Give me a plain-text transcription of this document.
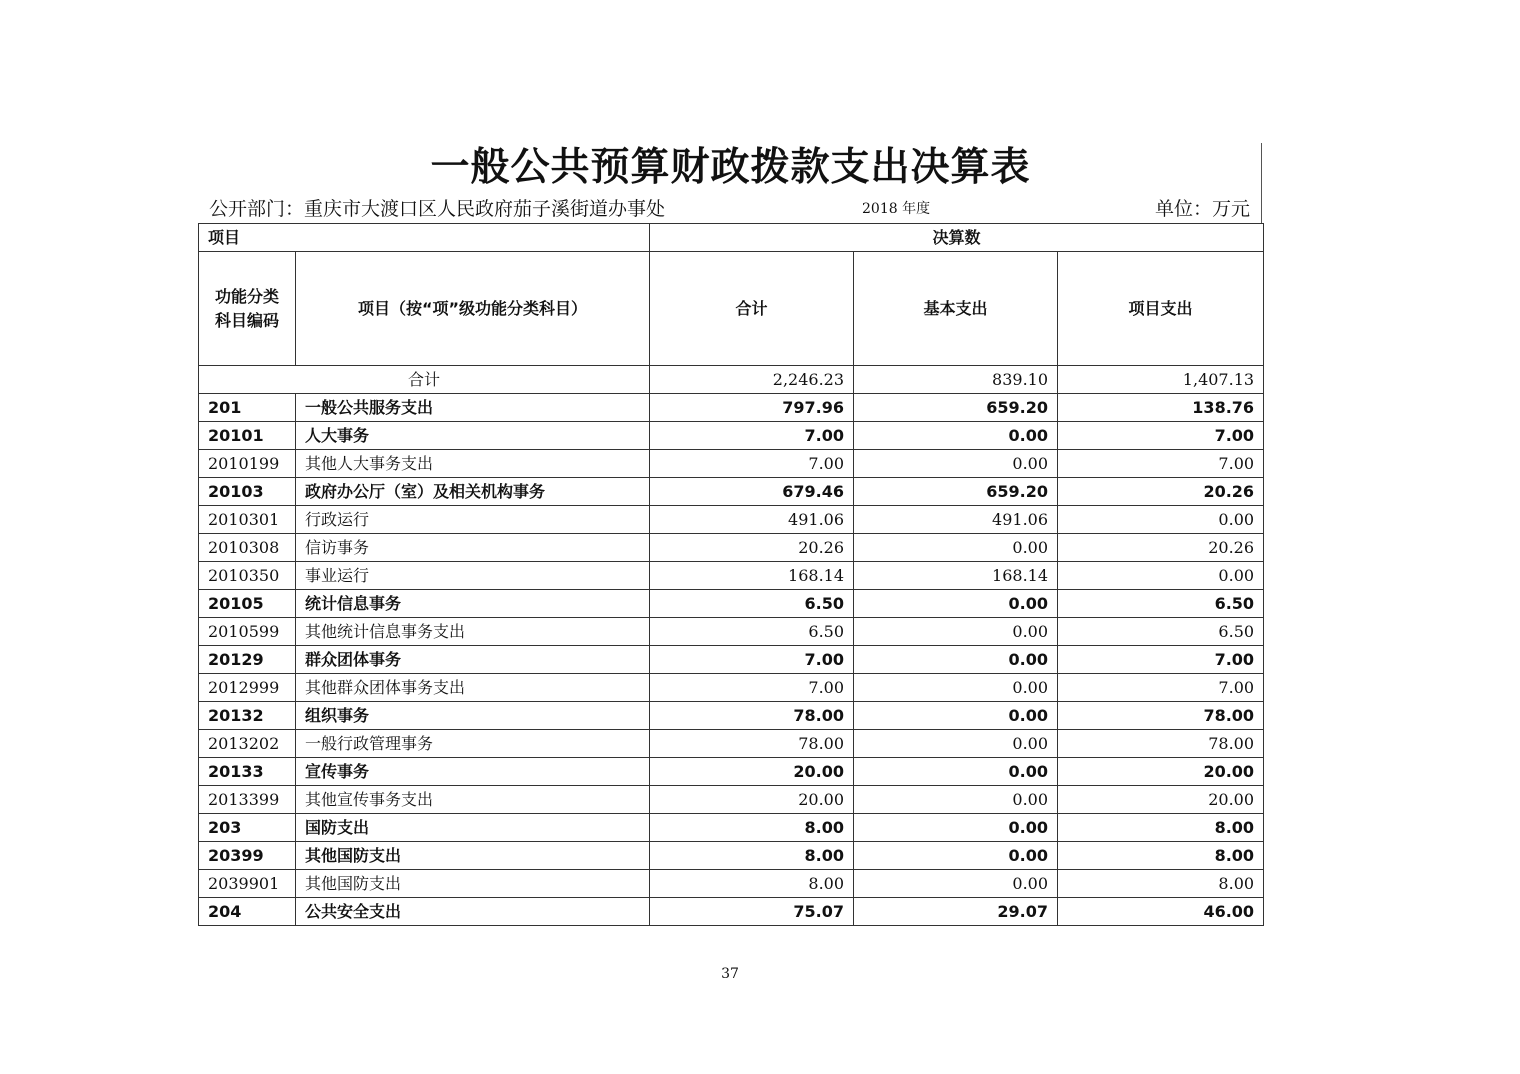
一般公共预算财政拨款支出决算表
公开部门：重庆市大渡口区人民政府茄子溪街道办事处	2018 年度	单位：万元
项目		决算数		
功能分类科目编码	项目（按“项”级功能分类科目）	合计	基本支出	项目支出
合计		2,246.23	839.10	1,407.13
201	一般公共服务支出	797.96	659.20	138.76
20101	人大事务	7.00	0.00	7.00
2010199	其他人大事务支出	7.00	0.00	7.00
20103	政府办公厅（室）及相关机构事务	679.46	659.20	20.26
2010301	行政运行	491.06	491.06	0.00
2010308	信访事务	20.26	0.00	20.26
2010350	事业运行	168.14	168.14	0.00
20105	统计信息事务	6.50	0.00	6.50
2010599	其他统计信息事务支出	6.50	0.00	6.50
20129	群众团体事务	7.00	0.00	7.00
2012999	其他群众团体事务支出	7.00	0.00	7.00
20132	组织事务	78.00	0.00	78.00
2013202	一般行政管理事务	78.00	0.00	78.00
20133	宣传事务	20.00	0.00	20.00
2013399	其他宣传事务支出	20.00	0.00	20.00
203	国防支出	8.00	0.00	8.00
20399	其他国防支出	8.00	0.00	8.00
2039901	其他国防支出	8.00	0.00	8.00
204	公共安全支出	75.07	29.07	46.00
37
